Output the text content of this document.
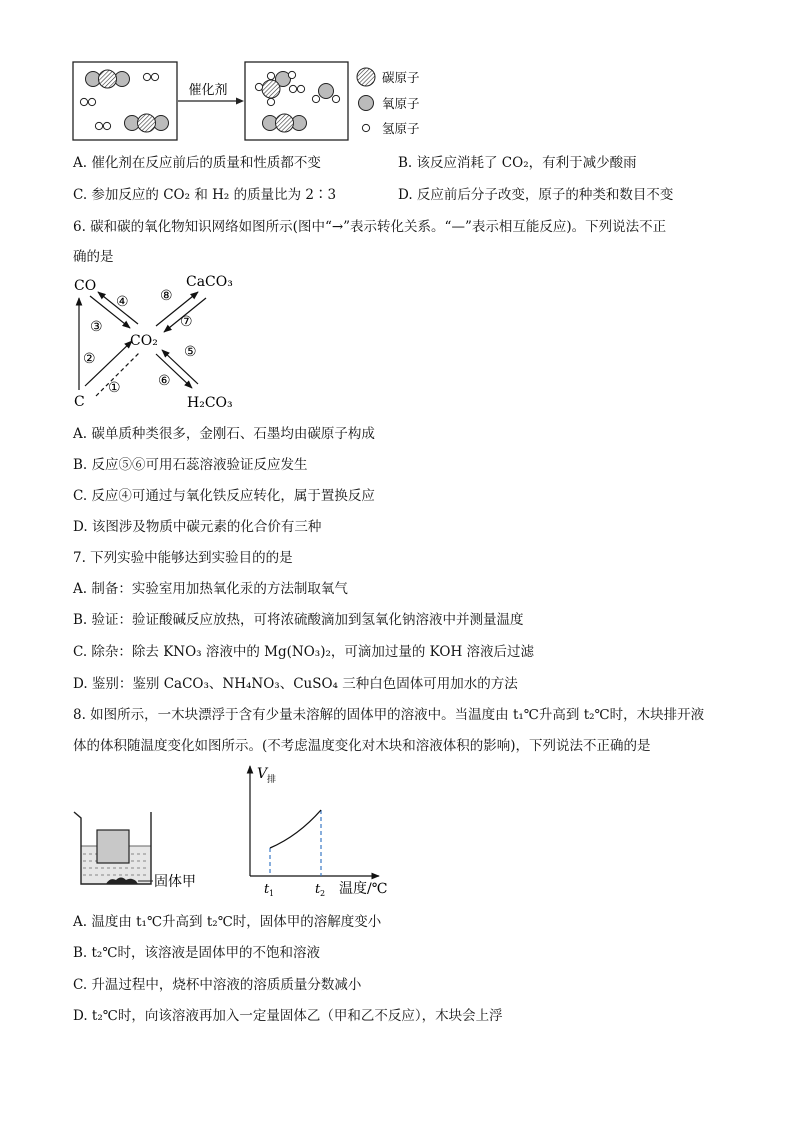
催化剂
碳原子
氧原子
氢原子
A. 催化剂在反应前后的质量和性质都不变	B. 该反应消耗了 CO₂，有利于减少酸雨
C. 参加反应的 CO₂ 和 H₂ 的质量比为 2∶3	D. 反应前后分子改变，原子的种类和数目不变
6. 碳和碳的氧化物知识网络如图所示(图中“→”表示转化关系。“—”表示相互能反应)。下列说法不正
确的是
CO	CaCO₃
CO₂
C	H₂CO₃
④
③
②
①
⑧
⑦
⑤
⑥
A. 碳单质种类很多，金刚石、石墨均由碳原子构成
B. 反应⑤⑥可用石蕊溶液验证反应发生
C. 反应④可通过与氧化铁反应转化，属于置换反应
D. 该图涉及物质中碳元素的化合价有三种
7. 下列实验中能够达到实验目的的是
A. 制备：实验室用加热氧化汞的方法制取氧气
B. 验证：验证酸碱反应放热，可将浓硫酸滴加到氢氧化钠溶液中并测量温度
C. 除杂：除去 KNO₃ 溶液中的 Mg(NO₃)₂，可滴加过量的 KOH 溶液后过滤
D. 鉴别：鉴别 CaCO₃、NH₄NO₃、CuSO₄ 三种白色固体可用加水的方法
8. 如图所示，一木块漂浮于含有少量未溶解的固体甲的溶液中。当温度由 t₁℃升高到 t₂℃时，木块排开液
体的体积随温度变化如图所示。(不考虑温度变化对木块和溶液体积的影响)，下列说法不正确的是
固体甲
V 排
t 1	t 2 温度/℃
A. 温度由 t₁℃升高到 t₂℃时，固体甲的溶解度变小
B. t₂℃时，该溶液是固体甲的不饱和溶液
C. 升温过程中，烧杯中溶液的溶质质量分数减小
D. t₂℃时，向该溶液再加入一定量固体乙（甲和乙不反应），木块会上浮
